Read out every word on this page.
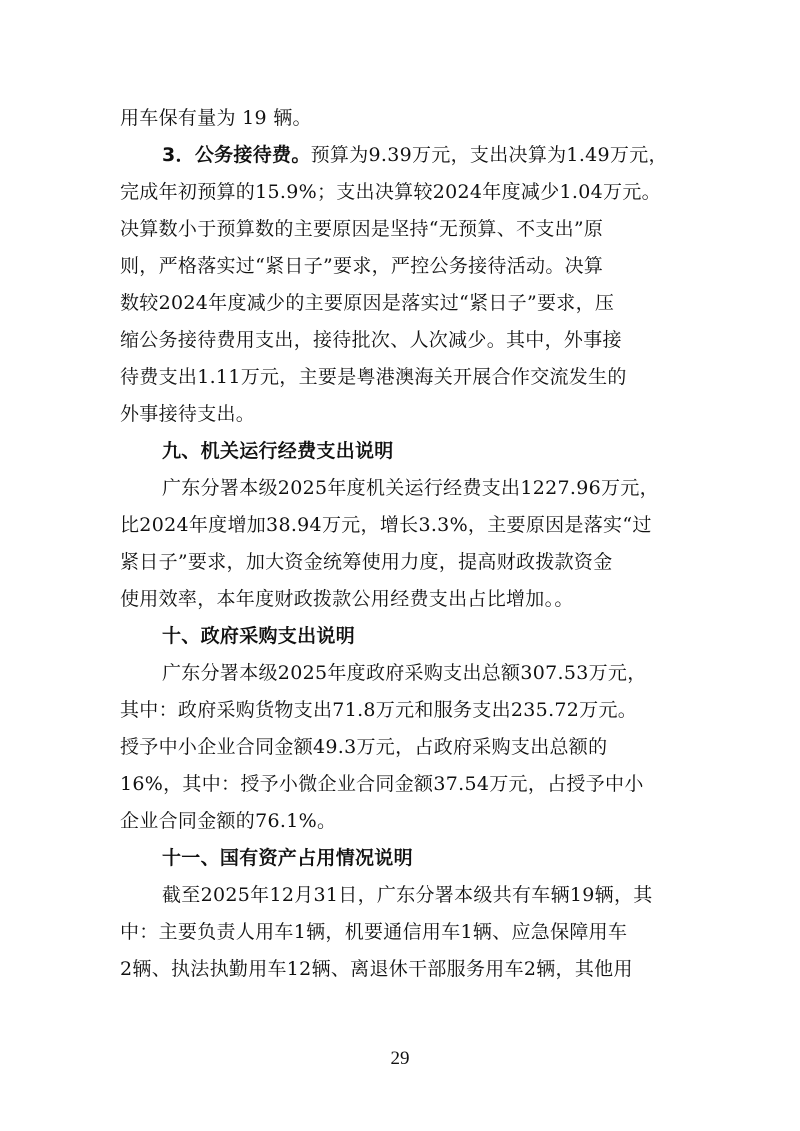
用车保有量为 19 辆。
3．公务接待费。预算为9.39万元，支出决算为1.49万元，
完成年初预算的15.9%；支出决算较2024年度减少1.04万元。
决算数小于预算数的主要原因是坚持“无预算、不支出”原
则，严格落实过“紧日子”要求，严控公务接待活动。决算
数较2024年度减少的主要原因是落实过“紧日子”要求，压
缩公务接待费用支出，接待批次、人次减少。其中，外事接
待费支出1.11万元，主要是粤港澳海关开展合作交流发生的
外事接待支出。
九、机关运行经费支出说明
广东分署本级2025年度机关运行经费支出1227.96万元，
比2024年度增加38.94万元，增长3.3%，主要原因是落实“过
紧日子”要求，加大资金统筹使用力度，提高财政拨款资金
使用效率，本年度财政拨款公用经费支出占比增加。。
十、政府采购支出说明
广东分署本级2025年度政府采购支出总额307.53万元，
其中：政府采购货物支出71.8万元和服务支出235.72万元。
授予中小企业合同金额49.3万元，占政府采购支出总额的
16%，其中：授予小微企业合同金额37.54万元，占授予中小
企业合同金额的76.1%。
十一、国有资产占用情况说明
截至2025年12月31日，广东分署本级共有车辆19辆，其
中：主要负责人用车1辆，机要通信用车1辆、应急保障用车
2辆、执法执勤用车12辆、离退休干部服务用车2辆，其他用
29
